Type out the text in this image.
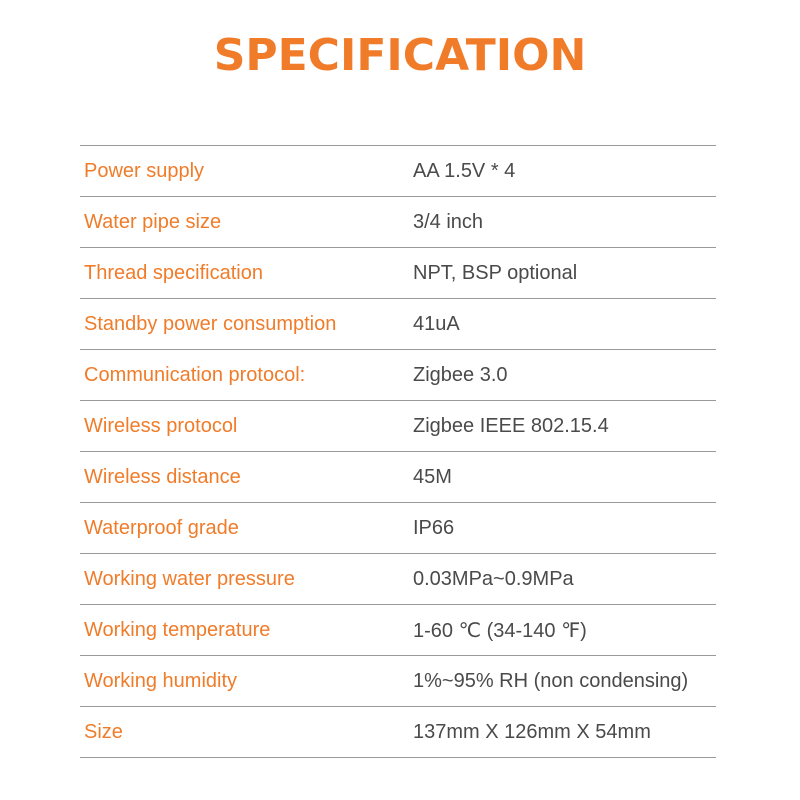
SPECIFICATION
Power supply	AA 1.5V * 4
Water pipe size	3/4 inch
Thread specification	NPT, BSP optional
Standby power consumption	41uA
Communication protocol:	Zigbee 3.0
Wireless protocol	Zigbee IEEE 802.15.4
Wireless distance	45M
Waterproof grade	IP66
Working water pressure	0.03MPa~0.9MPa
Working temperature	1-60 ℃ (34-140 ℉)
Working humidity	1%~95% RH (non condensing)
Size	137mm X 126mm X 54mm
